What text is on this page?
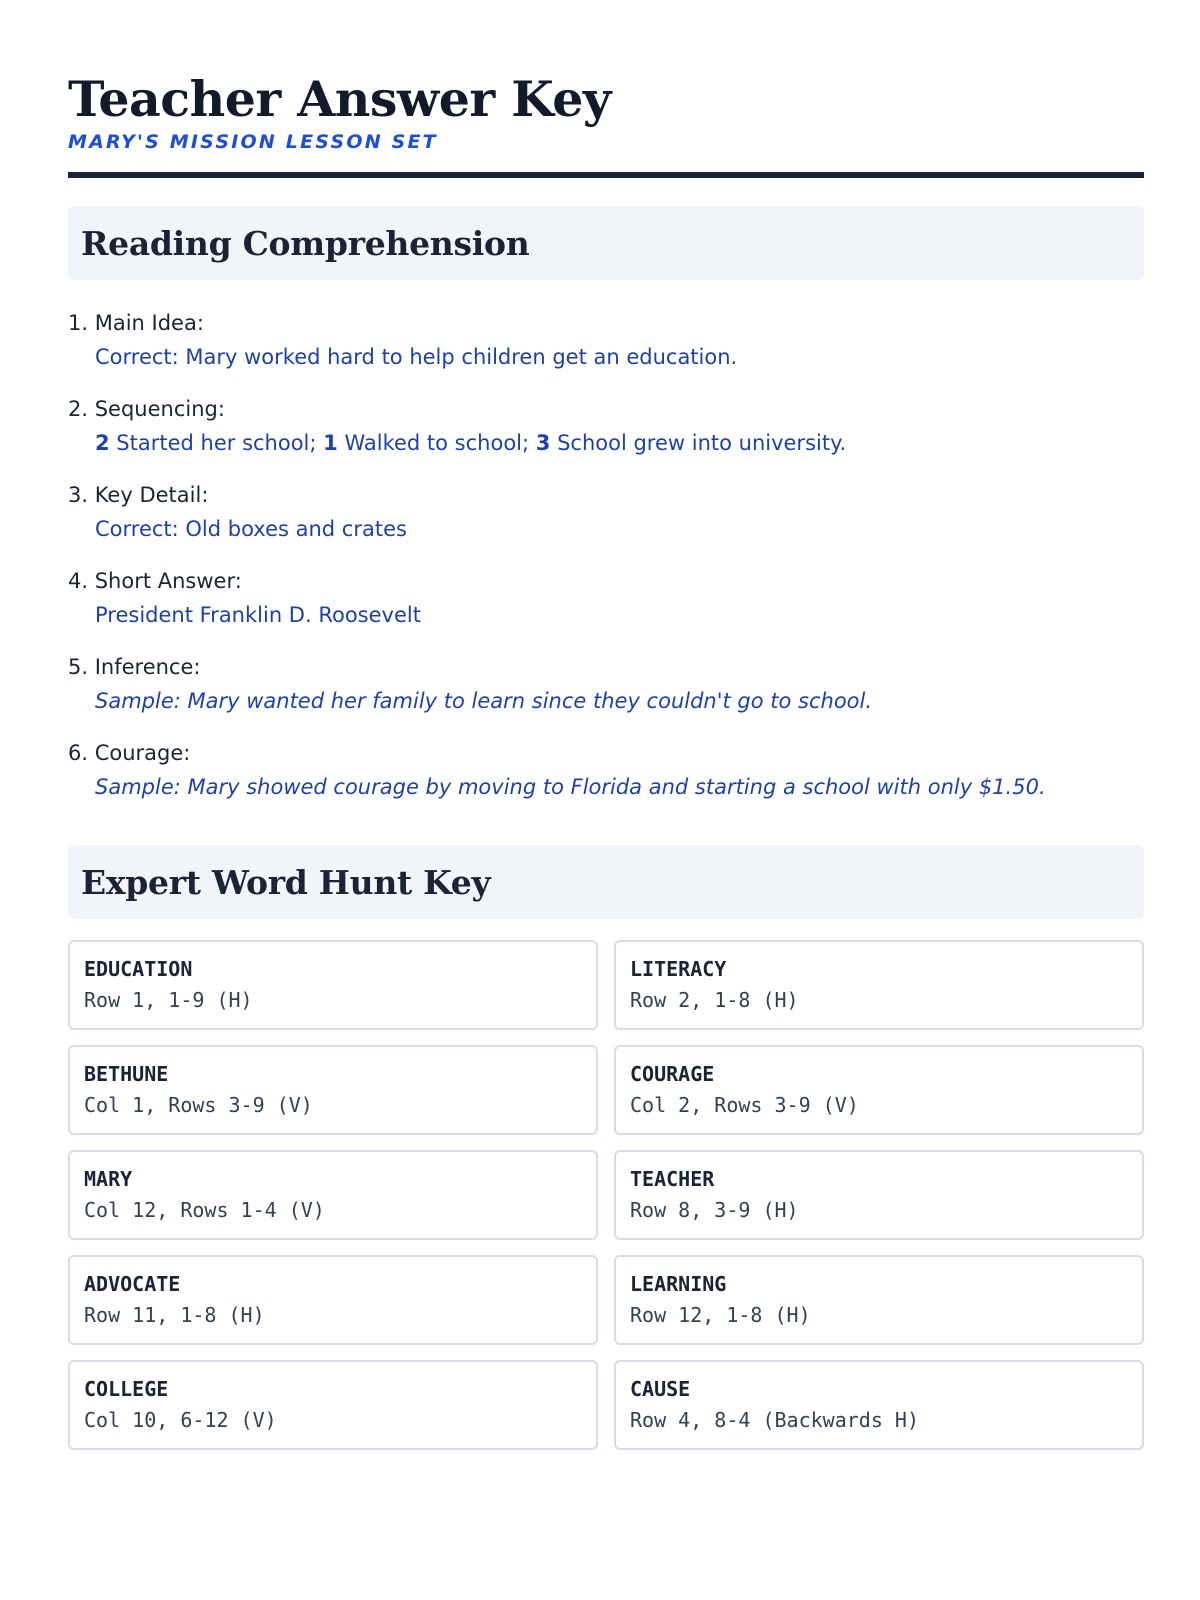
Teacher Answer Key
MARY'S MISSION LESSON SET
Reading Comprehension
1. Main Idea:
Correct: Mary worked hard to help children get an education.
2. Sequencing:
2 Started her school; 1 Walked to school; 3 School grew into university.
3. Key Detail:
Correct: Old boxes and crates
4. Short Answer:
President Franklin D. Roosevelt
5. Inference:
Sample: Mary wanted her family to learn since they couldn't go to school.
6. Courage:
Sample: Mary showed courage by moving to Florida and starting a school with only $1.50.
Expert Word Hunt Key
EDUCATION
Row 1, 1-9 (H)
LITERACY
Row 2, 1-8 (H)
BETHUNE
Col 1, Rows 3-9 (V)
COURAGE
Col 2, Rows 3-9 (V)
MARY
Col 12, Rows 1-4 (V)
TEACHER
Row 8, 3-9 (H)
ADVOCATE
Row 11, 1-8 (H)
LEARNING
Row 12, 1-8 (H)
COLLEGE
Col 10, 6-12 (V)
CAUSE
Row 4, 8-4 (Backwards H)
